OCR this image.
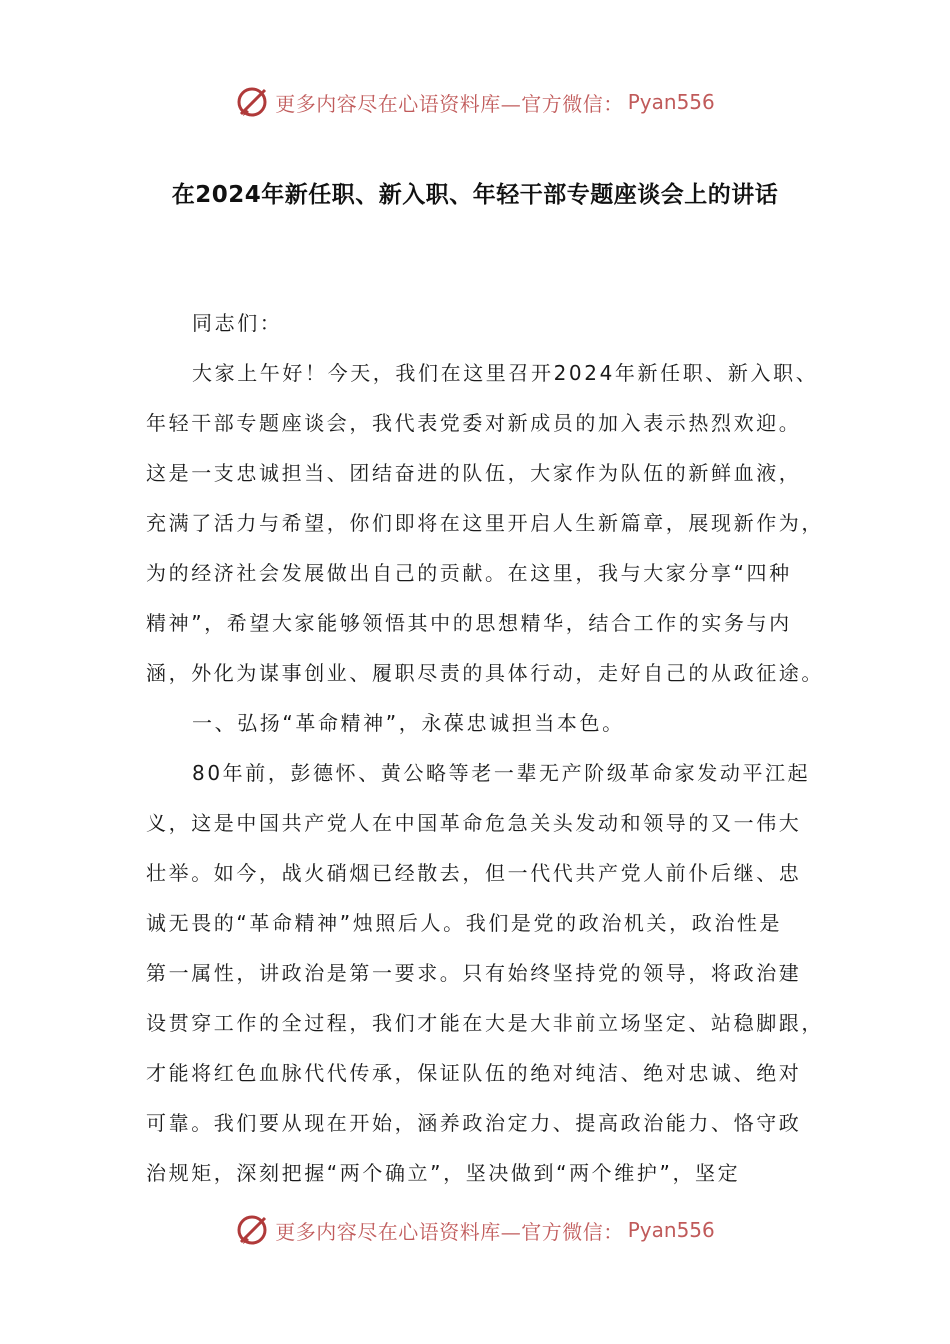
更多内容尽在心语资料库—官方微信： Pyan556
在2024年新任职、新入职、年轻干部专题座谈会上的讲话
同志们：
大家上午好！今天，我们在这里召开2024年新任职、新入职、
年轻干部专题座谈会，我代表党委对新成员的加入表示热烈欢迎。
这是一支忠诚担当、团结奋进的队伍，大家作为队伍的新鲜血液，
充满了活力与希望，你们即将在这里开启人生新篇章，展现新作为，
为的经济社会发展做出自己的贡献。在这里，我与大家分享“四种
精神”，希望大家能够领悟其中的思想精华，结合工作的实务与内
涵，外化为谋事创业、履职尽责的具体行动，走好自己的从政征途。
一、弘扬“革命精神”，永葆忠诚担当本色。
80年前，彭德怀、黄公略等老一辈无产阶级革命家发动平江起
义，这是中国共产党人在中国革命危急关头发动和领导的又一伟大
壮举。如今，战火硝烟已经散去，但一代代共产党人前仆后继、忠
诚无畏的“革命精神”烛照后人。我们是党的政治机关，政治性是
第一属性，讲政治是第一要求。只有始终坚持党的领导，将政治建
设贯穿工作的全过程，我们才能在大是大非前立场坚定、站稳脚跟，
才能将红色血脉代代传承，保证队伍的绝对纯洁、绝对忠诚、绝对
可靠。我们要从现在开始，涵养政治定力、提高政治能力、恪守政
治规矩，深刻把握“两个确立”，坚决做到“两个维护”，坚定
更多内容尽在心语资料库—官方微信： Pyan556
